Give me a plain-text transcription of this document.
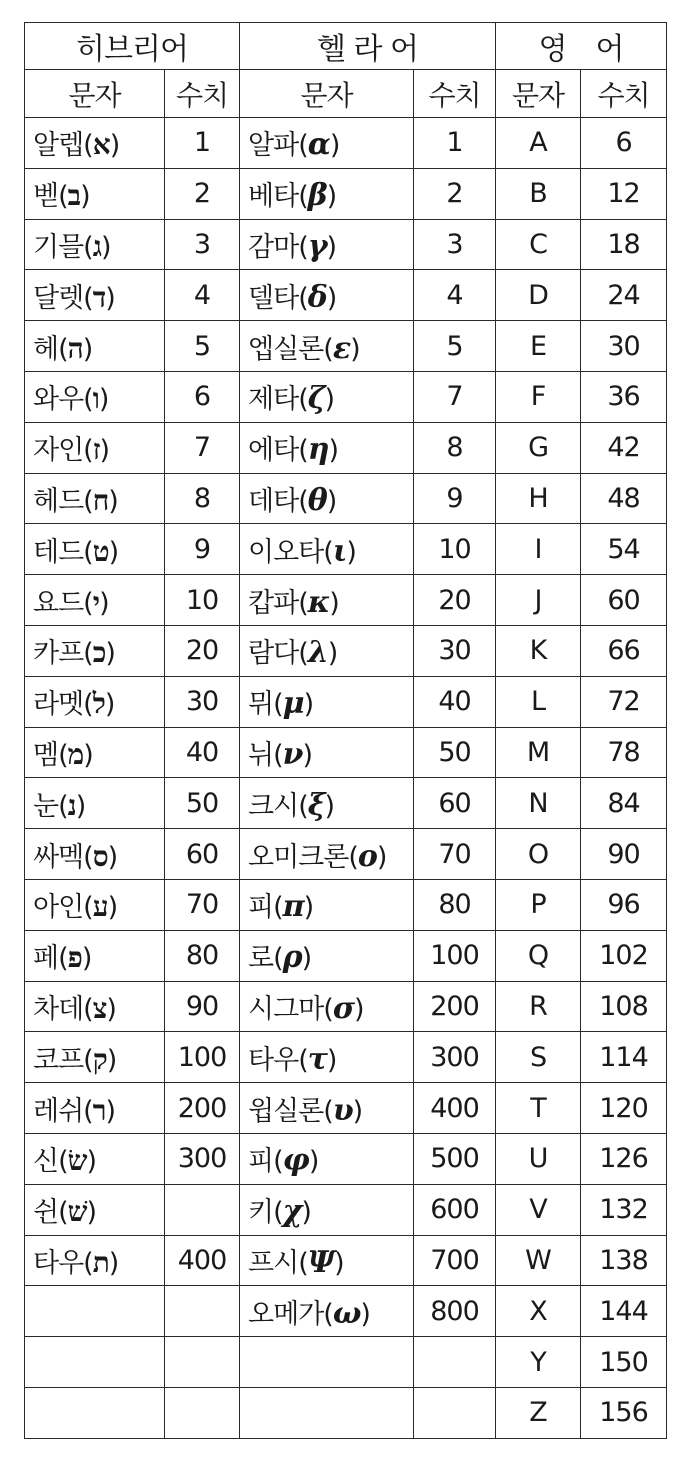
히브리어		헬 라 어		영　어	
문자	수치	문자	수치	문자	수치
알렙(א)	1	알파(α)	1	A	6
벧(ב)	2	베타(β)	2	B	12
기믈(ג)	3	감마(γ)	3	C	18
달렛(ד)	4	델타(δ)	4	D	24
헤(ה)	5	엡실론(ε)	5	E	30
와우(ו)	6	제타(ζ)	7	F	36
자인(ז)	7	에타(η)	8	G	42
헤드(ח)	8	데타(θ)	9	H	48
테드(ט)	9	이오타(ι)	10	I	54
요드(י)	10	캅파(κ)	20	J	60
카프(כ)	20	람다(λ)	30	K	66
라멧(ל)	30	뮈(μ)	40	L	72
멤(מ)	40	뉘(ν)	50	M	78
눈(נ)	50	크시(ξ)	60	N	84
싸멕(ס)	60	오미크론(ο)	70	O	90
아인(ע)	70	피(π)	80	P	96
페(פ)	80	로(ρ)	100	Q	102
차데(צ)	90	시그마(σ)	200	R	108
코프(ק)	100	타우(τ)	300	S	114
레쉬(ר)	200	윕실론(υ)	400	T	120
신(שׂ)	300	피(φ)	500	U	126
쉰(שׁ)		키(χ)	600	V	132
타우(ת)	400	프시(Ψ)	700	W	138
		오메가(ω)	800	X	144
				Y	150
				Z	156
